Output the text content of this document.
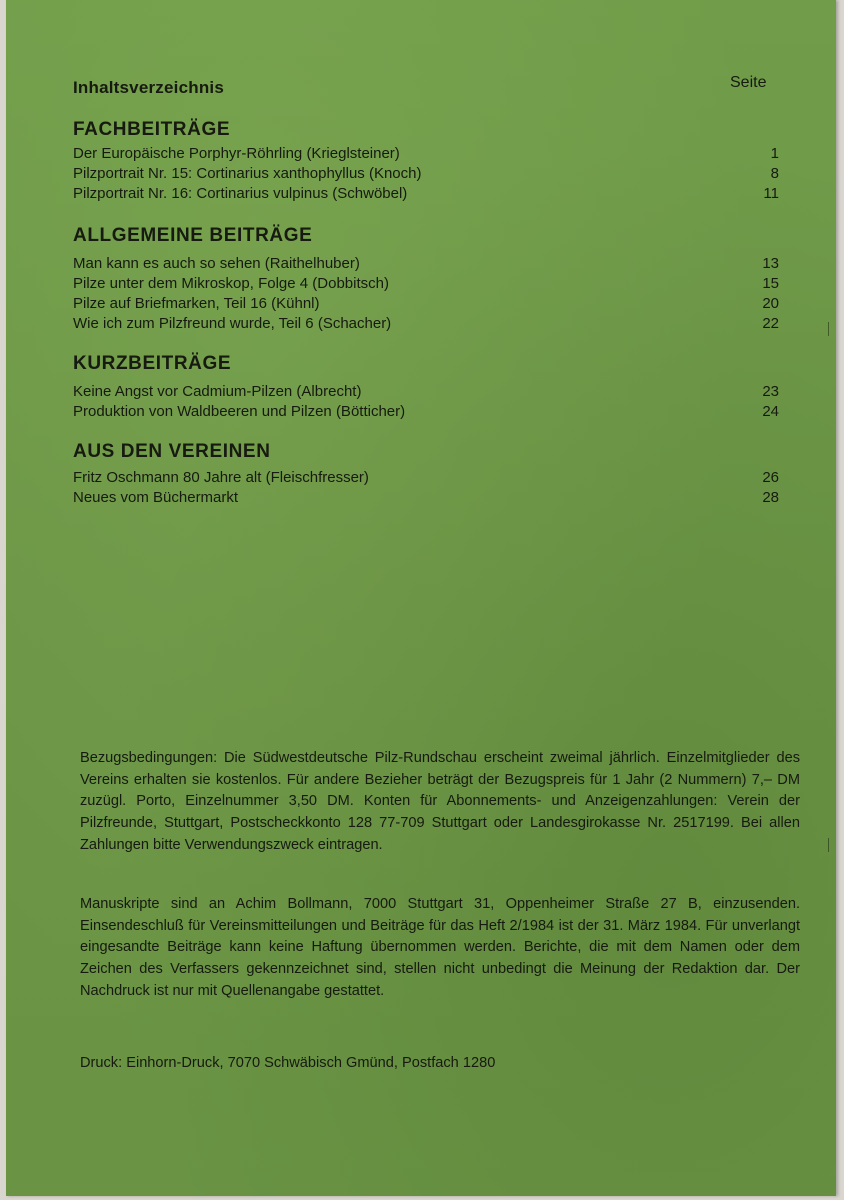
Inhaltsverzeichnis	Seite
FACHBEITRÄGE
Der Europäische Porphyr-Röhrling (Krieglsteiner)	1
Pilzportrait Nr. 15: Cortinarius xanthophyllus (Knoch)	8
Pilzportrait Nr. 16: Cortinarius vulpinus (Schwöbel)	11
ALLGEMEINE BEITRÄGE
Man kann es auch so sehen (Raithelhuber)	13
Pilze unter dem Mikroskop, Folge 4 (Dobbitsch)	15
Pilze auf Briefmarken, Teil 16 (Kühnl)	20
Wie ich zum Pilzfreund wurde, Teil 6 (Schacher)	22
KURZBEITRÄGE
Keine Angst vor Cadmium-Pilzen (Albrecht)	23
Produktion von Waldbeeren und Pilzen (Bötticher)	24
AUS DEN VEREINEN
Fritz Oschmann 80 Jahre alt (Fleischfresser)	26
Neues vom Büchermarkt	28

Bezugsbedingungen: Die Südwestdeutsche Pilz-Rundschau erscheint zweimal jährlich. Einzelmitglieder des Vereins erhalten sie kostenlos. Für andere Bezieher beträgt der Bezugspreis für 1 Jahr (2 Nummern) 7,– DM zuzügl. Porto, Einzelnummer 3,50 DM. Konten für Abonnements- und Anzeigenzahlungen: Verein der Pilzfreunde, Stuttgart, Postscheckkonto 128 77-709 Stuttgart oder Landesgirokasse Nr. 2517199. Bei allen Zahlungen bitte Verwendungszweck eintragen.

Manuskripte sind an Achim Bollmann, 7000 Stuttgart 31, Oppenheimer Straße 27 B, einzusenden. Einsendeschluß für Vereinsmitteilungen und Beiträge für das Heft 2/1984 ist der 31. März 1984. Für unverlangt eingesandte Beiträge kann keine Haftung übernommen werden. Berichte, die mit dem Namen oder dem Zeichen des Verfassers gekennzeichnet sind, stellen nicht unbedingt die Meinung der Redaktion dar. Der Nachdruck ist nur mit Quellenangabe gestattet.

Druck: Einhorn-Druck, 7070 Schwäbisch Gmünd, Postfach 1280
